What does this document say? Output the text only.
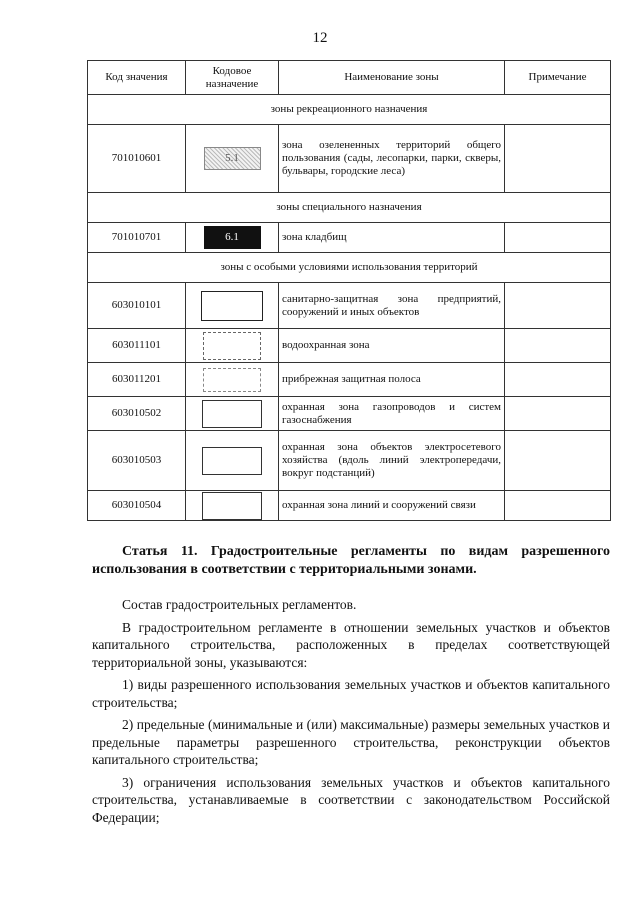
12
Код значения	Кодовое назначение	Наименование зоны	Примечание
зоны рекреационного назначения			
701010601	5.1	зона озелененных территорий общего пользования (сады, лесопарки, парки, скверы, бульвары, городские леса)	
зоны специального назначения			
701010701	6.1	зона кладбищ	
зоны с особыми условиями использования территорий			
603010101		санитарно-защитная зона предприятий, сооружений и иных объектов	
603011101		водоохранная зона	
603011201		прибрежная защитная полоса	
603010502		охранная зона газопроводов и систем газоснабжения	
603010503		охранная зона объектов электросетевого хозяйства (вдоль линий электропередачи, вокруг подстанций)	
603010504		охранная зона линий и сооружений связи	
Статья 11. Градостроительные регламенты по видам разрешенного использования в соответствии с территориальными зонами.

Состав градостроительных регламентов.

В градостроительном регламенте в отношении земельных участков и объектов капитального строительства, расположенных в пределах соответствующей территориальной зоны, указываются:

1) виды разрешенного использования земельных участков и объектов капитального строительства;

2) предельные (минимальные и (или) максимальные) размеры земельных участков и предельные параметры разрешенного строительства, реконструкции объектов капитального строительства;

3) ограничения использования земельных участков и объектов капитального строительства, устанавливаемые в соответствии с законодательством Российской Федерации;
